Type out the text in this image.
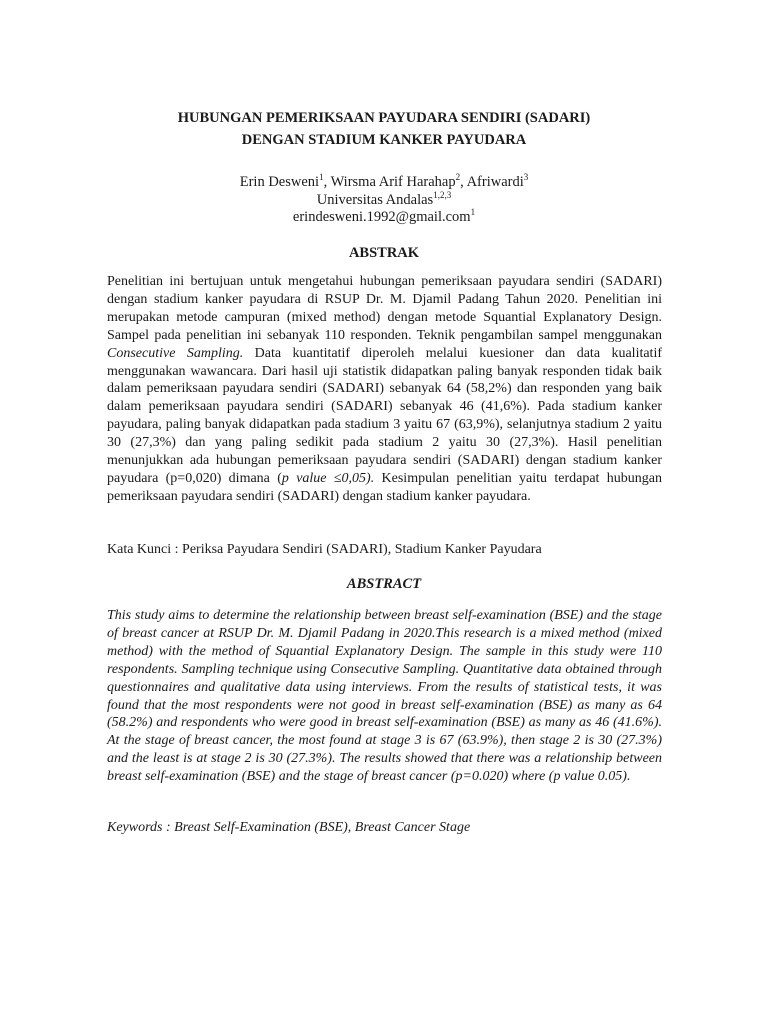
HUBUNGAN PEMERIKSAAN PAYUDARA SENDIRI (SADARI)
DENGAN STADIUM KANKER PAYUDARA
Erin Desweni$^1$, Wirsma Arif Harahap$^2$, Afriwardi$^3$
Universitas Andalas$^{1,2,3}$
erindesweni.1992@gmail.com$^1$
ABSTRAK

Penelitian ini bertujuan untuk mengetahui hubungan pemeriksaan payudara sendiri (SADARI) dengan stadium kanker payudara di RSUP Dr. M. Djamil Padang Tahun 2020. Penelitian ini merupakan metode campuran (mixed method) dengan metode Squantial Explanatory Design. Sampel pada penelitian ini sebanyak 110 responden. Teknik pengambilan sampel menggunakan Consecutive Sampling. Data kuantitatif diperoleh melalui kuesioner dan data kualitatif menggunakan wawancara. Dari hasil uji statistik didapatkan paling banyak responden tidak baik dalam pemeriksaan payudara sendiri (SADARI) sebanyak 64 (58,2%) dan responden yang baik dalam pemeriksaan payudara sendiri (SADARI) sebanyak 46 (41,6%). Pada stadium kanker payudara, paling banyak didapatkan pada stadium 3 yaitu 67 (63,9%), selanjutnya stadium 2 yaitu 30 (27,3%) dan yang paling sedikit pada stadium 2 yaitu 30 (27,3%). Hasil penelitian menunjukkan ada hubungan pemeriksaan payudara sendiri (SADARI) dengan stadium kanker payudara (p=0,020) dimana (p value ≤0,05). Kesimpulan penelitian yaitu terdapat hubungan pemeriksaan payudara sendiri (SADARI) dengan stadium kanker payudara.

Kata Kunci : Periksa Payudara Sendiri (SADARI), Stadium Kanker Payudara

ABSTRACT

This study aims to determine the relationship between breast self-examination (BSE) and the stage of breast cancer at RSUP Dr. M. Djamil Padang in 2020.This research is a mixed method (mixed method) with the method of Squantial Explanatory Design. The sample in this study were 110 respondents. Sampling technique using Consecutive Sampling. Quantitative data obtained through questionnaires and qualitative data using interviews. From the results of statistical tests, it was found that the most respondents were not good in breast self-examination (BSE) as many as 64 (58.2%) and respondents who were good in breast self-examination (BSE) as many as 46 (41.6%). At the stage of breast cancer, the most found at stage 3 is 67 (63.9%), then stage 2 is 30 (27.3%) and the least is at stage 2 is 30 (27.3%). The results showed that there was a relationship between breast self-examination (BSE) and the stage of breast cancer (p=0.020) where (p value 0.05).

Keywords : Breast Self-Examination (BSE), Breast Cancer Stage
